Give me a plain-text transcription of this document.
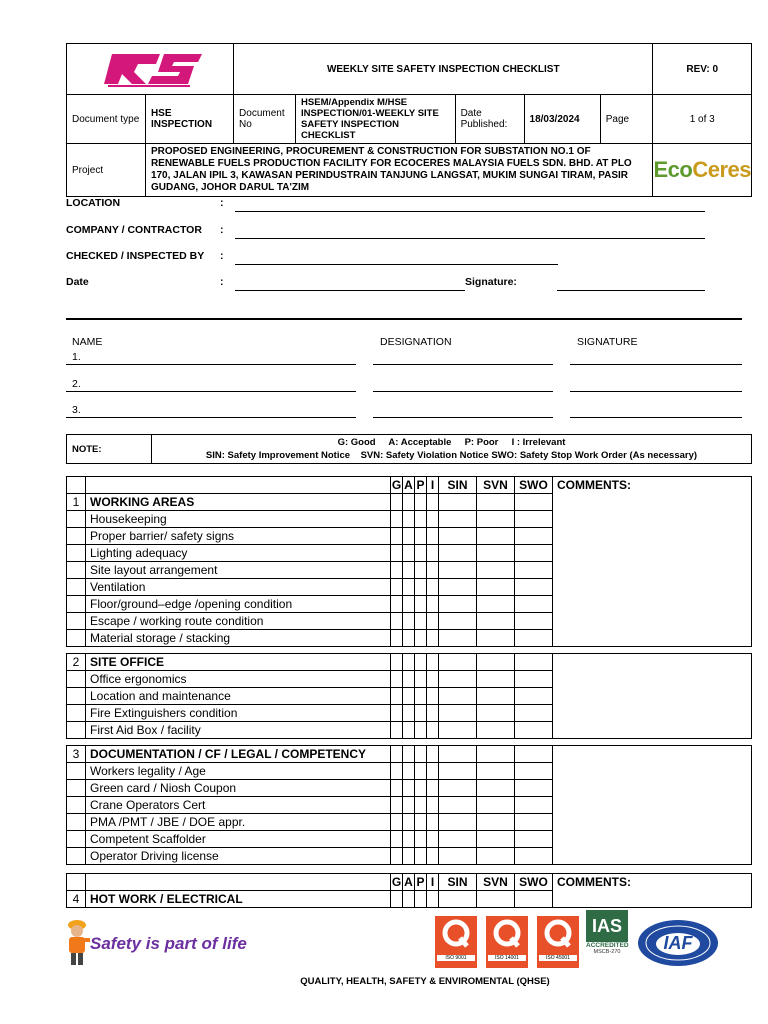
	WEEKLY SITE SAFETY INSPECTION CHECKLIST					REV: 0
Document type	HSE INSPECTION	Document No	HSEM/Appendix M/HSE INSPECTION/01-WEEKLY SITE SAFETY INSPECTION CHECKLIST	Date Published:	18/03/2024	Page	1 of 3
Project	PROPOSED ENGINEERING, PROCUREMENT & CONSTRUCTION FOR SUBSTATION NO.1 OF RENEWABLE FUELS PRODUCTION FACILITY FOR ECOCERES MALAYSIA FUELS SDN. BHD. AT PLO 170, JALAN IPIL 3, KAWASAN PERINDUSTRAIN TANJUNG LANGSAT, MUKIM SUNGAI TIRAM, PASIR GUDANG, JOHOR DARUL TA'ZIM						EcoCeres
LOCATION	:
COMPANY / CONTRACTOR :
CHECKED / INSPECTED BY :
Date	:	Signature:
NAME	DESIGNATION	SIGNATURE
1.
2.
3.
NOTE:	
G: Good     A: Acceptable     P: Poor     I : Irrelevant
SIN: Safety Improvement Notice    SVN: Safety Violation Notice SWO: Safety Stop Work Order (As necessary)
		G	A	P	I	SIN	SVN	SWO	COMMENTS:
1	WORKING AREAS								
	Housekeeping								
	Proper barrier/ safety signs								
	Lighting adequacy								
	Site layout arrangement								
	Ventilation								
	Floor/ground–edge /opening condition								
	Escape / working route condition								
	Material storage / stacking								
2	SITE OFFICE								
	Office ergonomics								
	Location and maintenance								
	Fire Extinguishers condition								
	First Aid Box / facility								
3	DOCUMENTATION / CF / LEGAL / COMPETENCY								
	Workers legality / Age								
	Green card / Niosh Coupon								
	Crane Operators Cert								
	PMA /PMT / JBE / DOE appr.								
	Competent Scaffolder								
	Operator Driving license								
		G	A	P	I	SIN	SVN	SWO	COMMENTS:
4	HOT WORK / ELECTRICAL								
Safety is part of life
ISO 9001	ISO 14001	ISO 45001
IAS
ACCREDITED
MSCB-270	IAF
QUALITY, HEALTH, SAFETY & ENVIROMENTAL (QHSE)
